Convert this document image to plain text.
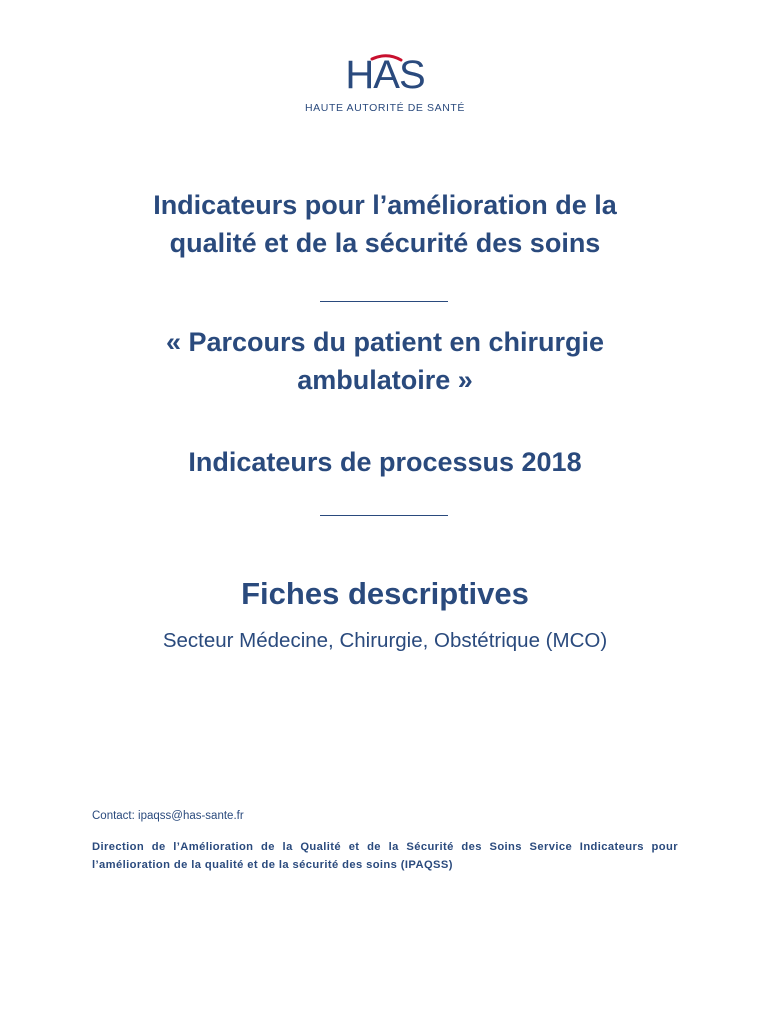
HAS
HAUTE AUTORITÉ DE SANTÉ
Indicateurs pour l’amélioration de la
qualité et de la sécurité des soins
« Parcours du patient en chirurgie
ambulatoire »
Indicateurs de processus 2018
Fiches descriptives
Secteur Médecine, Chirurgie, Obstétrique (MCO)
Contact: ipaqss@has-sante.fr
Direction de l’Amélioration de la Qualité et de la Sécurité des Soins Service Indicateurs pour
l’amélioration de la qualité et de la sécurité des soins (IPAQSS)
